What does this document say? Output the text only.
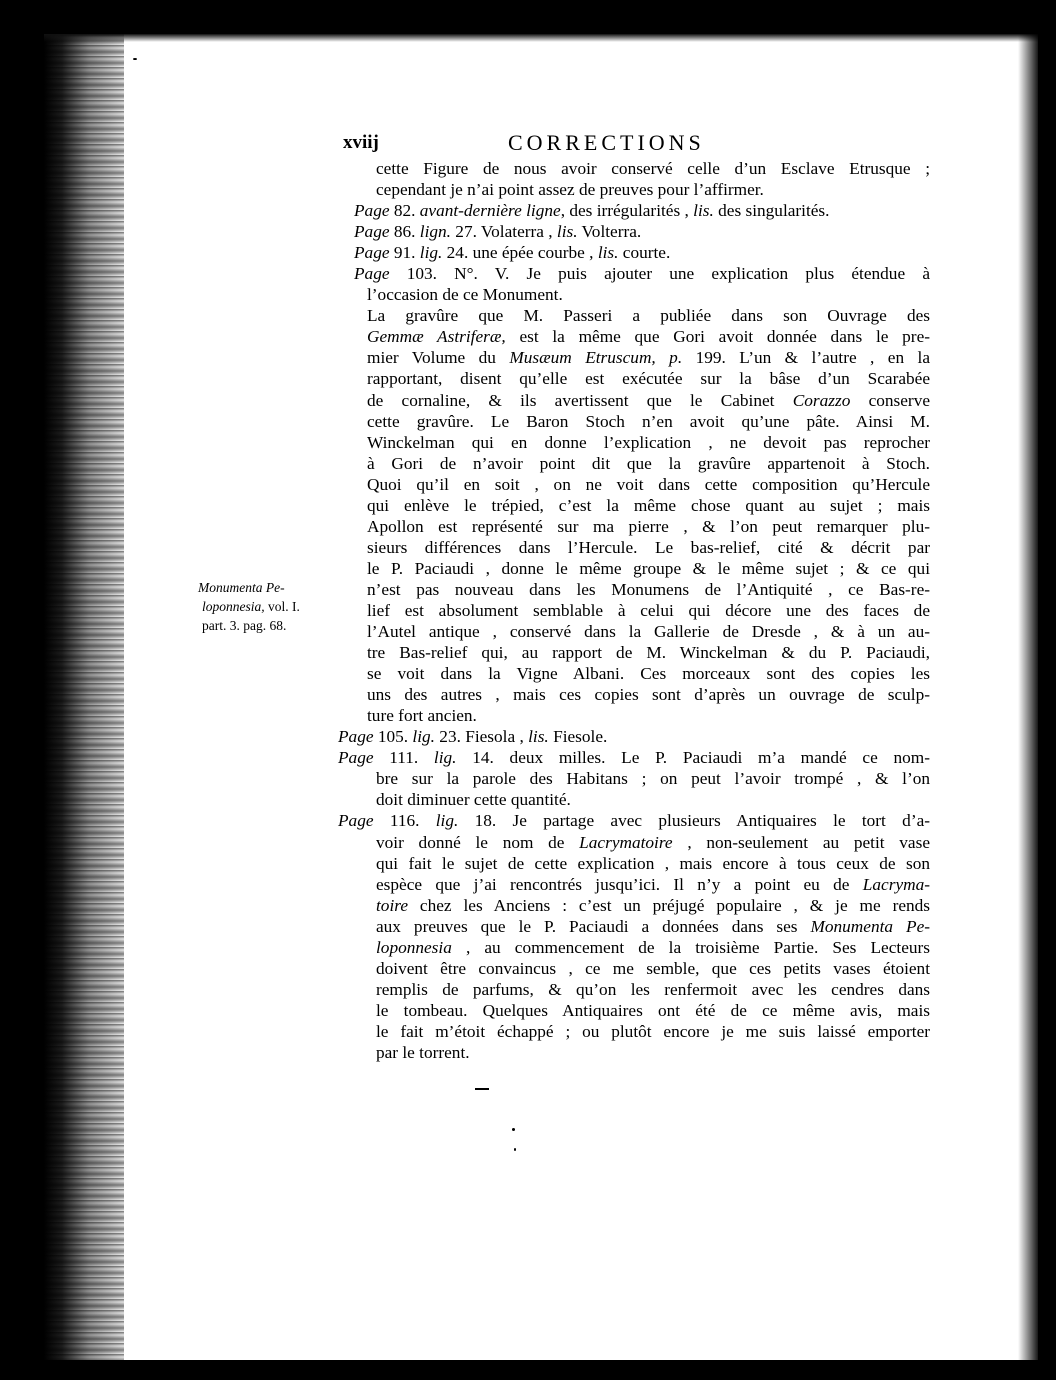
xviij	CORRECTIONS
Monumenta Pe-
loponnesia, vol. I.
part. 3. pag. 68.
cette Figure de nous avoir conservé celle d’un Esclave Etrusque ;
cependant je n’ai point assez de preuves pour l’affirmer.
Page 82. avant-dernière ligne, des irrégularités , lis. des singularités.
Page 86. lign. 27. Volaterra , lis. Volterra.
Page 91. lig. 24. une épée courbe , lis. courte.
Page 103. N°. V. Je puis ajouter une explication plus étendue à
l’occasion de ce Monument.
La gravûre que M. Passeri a publiée dans son Ouvrage des
Gemmæ Astriferæ, est la même que Gori avoit donnée dans le pre-
mier Volume du Musæum Etruscum, p. 199. L’un & l’autre , en la
rapportant, disent qu’elle est exécutée sur la bâse d’un Scarabée
de cornaline, & ils avertissent que le Cabinet Corazzo conserve
cette gravûre. Le Baron Stoch n’en avoit qu’une pâte. Ainsi M.
Winckelman qui en donne l’explication , ne devoit pas reprocher
à Gori de n’avoir point dit que la gravûre appartenoit à Stoch.
Quoi qu’il en soit , on ne voit dans cette composition qu’Hercule
qui enlève le trépied, c’est la même chose quant au sujet ; mais
Apollon est représenté sur ma pierre , & l’on peut remarquer plu-
sieurs différences dans l’Hercule. Le bas-relief, cité & décrit par
le P. Paciaudi , donne le même groupe & le même sujet ; & ce qui
n’est pas nouveau dans les Monumens de l’Antiquité , ce Bas-re-
lief est absolument semblable à celui qui décore une des faces de
l’Autel antique , conservé dans la Gallerie de Dresde , & à un au-
tre Bas-relief qui, au rapport de M. Winckelman & du P. Paciaudi,
se voit dans la Vigne Albani. Ces morceaux sont des copies les
uns des autres , mais ces copies sont d’après un ouvrage de sculp-
ture fort ancien.
Page 105. lig. 23. Fiesola , lis. Fiesole.
Page 111. lig. 14. deux milles. Le P. Paciaudi m’a mandé ce nom-
bre sur la parole des Habitans ; on peut l’avoir trompé , & l’on
doit diminuer cette quantité.
Page 116. lig. 18. Je partage avec plusieurs Antiquaires le tort d’a-
voir donné le nom de Lacrymatoire , non-seulement au petit vase
qui fait le sujet de cette explication , mais encore à tous ceux de son
espèce que j’ai rencontrés jusqu’ici. Il n’y a point eu de Lacryma-
toire chez les Anciens : c’est un préjugé populaire , & je me rends
aux preuves que le P. Paciaudi a données dans ses Monumenta Pe-
loponnesia , au commencement de la troisième Partie. Ses Lecteurs
doivent être convaincus , ce me semble, que ces petits vases étoient
remplis de parfums, & qu’on les renfermoit avec les cendres dans
le tombeau. Quelques Antiquaires ont été de ce même avis, mais
le fait m’étoit échappé ; ou plutôt encore je me suis laissé emporter
par le torrent.
